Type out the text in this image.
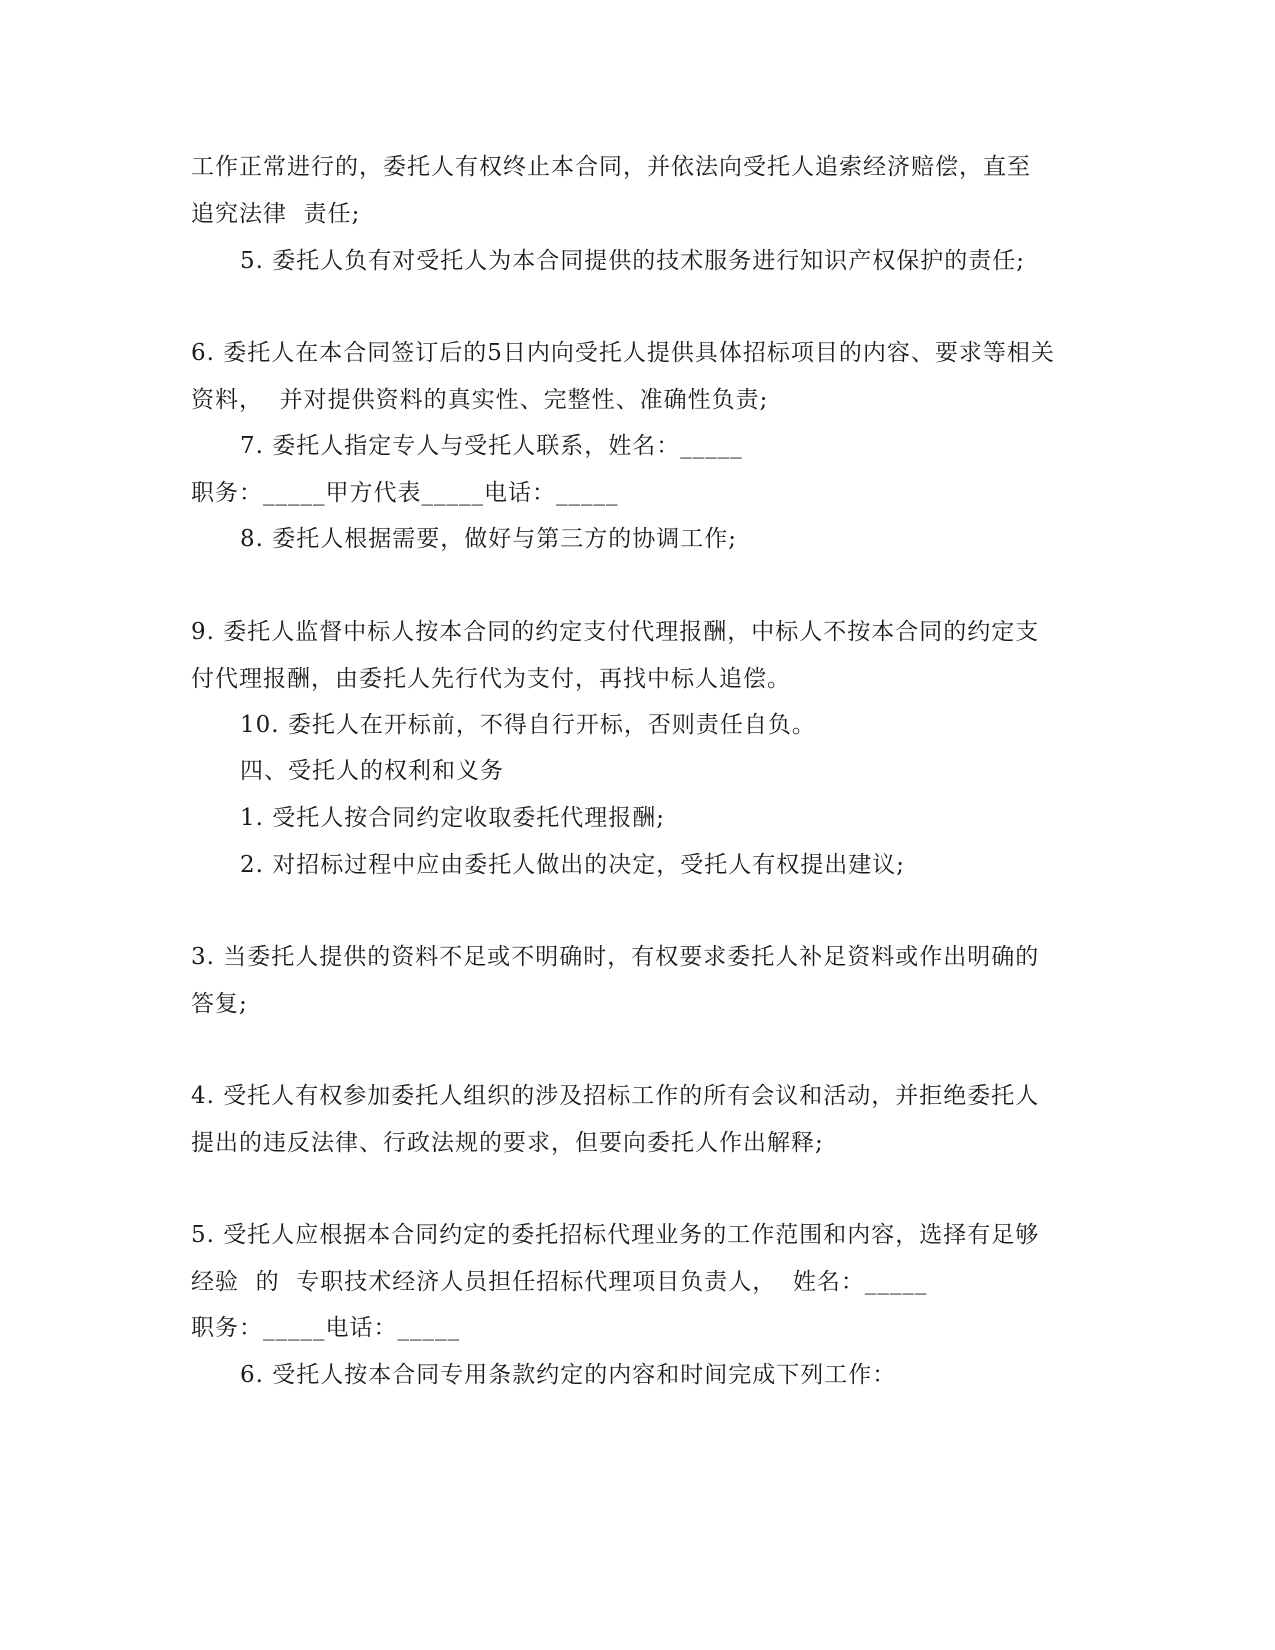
工作正常进行的，委托人有权终止本合同，并依法向受托人追索经济赔偿，直至
追究法律  责任;
5. 委托人负有对受托人为本合同提供的技术服务进行知识产权保护的责任;
6. 委托人在本合同签订后的5日内向受托人提供具体招标项目的内容、要求等相关
资料，  并对提供资料的真实性、完整性、准确性负责;
7. 委托人指定专人与受托人联系，姓名：_____
职务：_____甲方代表_____电话：_____
8. 委托人根据需要，做好与第三方的协调工作;
9. 委托人监督中标人按本合同的约定支付代理报酬，中标人不按本合同的约定支
付代理报酬，由委托人先行代为支付，再找中标人追偿。
10. 委托人在开标前，不得自行开标，否则责任自负。
四、受托人的权利和义务
1. 受托人按合同约定收取委托代理报酬;
2. 对招标过程中应由委托人做出的决定，受托人有权提出建议;
3. 当委托人提供的资料不足或不明确时，有权要求委托人补足资料或作出明确的
答复;
4. 受托人有权参加委托人组织的涉及招标工作的所有会议和活动，并拒绝委托人
提出的违反法律、行政法规的要求，但要向委托人作出解释;
5. 受托人应根据本合同约定的委托招标代理业务的工作范围和内容，选择有足够
经验  的  专职技术经济人员担任招标代理项目负责人，  姓名：_____
职务：_____电话：_____
6. 受托人按本合同专用条款约定的内容和时间完成下列工作：
